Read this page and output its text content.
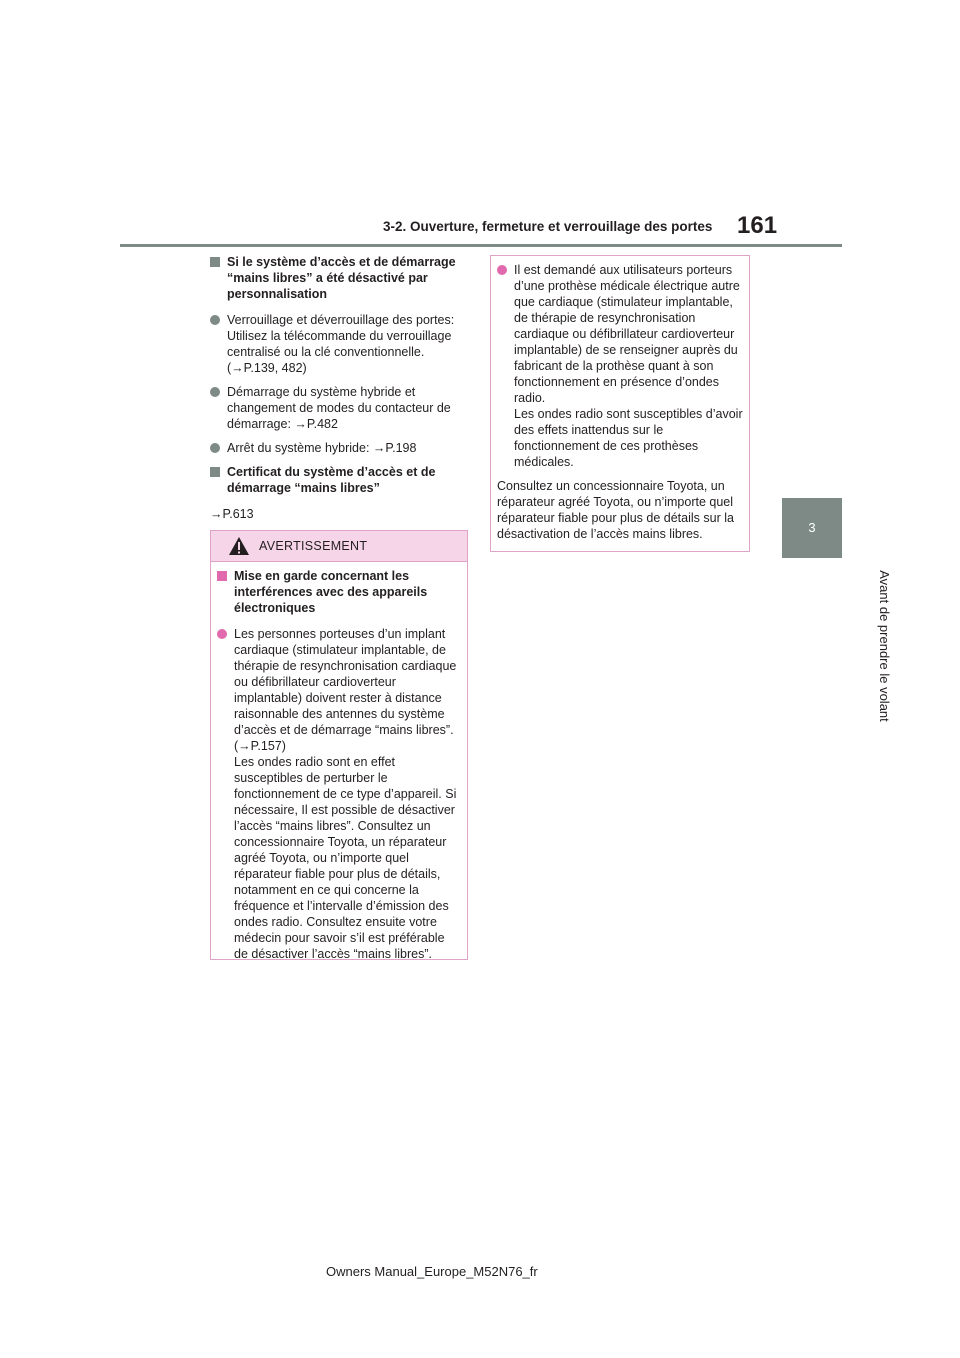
3-2. Ouverture, fermeture et verrouillage des portes 161
3
Avant de prendre le volant
Si le système d’accès et de démarrage “mains libres” a été désactivé par personnalisation
Verrouillage et déverrouillage des portes:
Utilisez la télécommande du verrouillage centralisé ou la clé conventionnelle.
(→P.139, 482)
Démarrage du système hybride et changement de modes du contacteur de démarrage: →P.482
Arrêt du système hybride: →P.198
Certificat du système d’accès et de démarrage “mains libres”
→P.613
AVERTISSEMENT
Mise en garde concernant les interférences avec des appareils électroniques
Les personnes porteuses d’un implant cardiaque (stimulateur implantable, de thérapie de resynchronisation cardiaque ou défibrillateur cardioverteur implantable) doivent rester à distance raisonnable des antennes du système d’accès et de démarrage “mains libres”.
(→P.157)
Les ondes radio sont en effet susceptibles de perturber le fonctionnement de ce type d’appareil. Si nécessaire, Il est possible de désactiver l’accès “mains libres”. Consultez un concessionnaire Toyota, un réparateur agréé Toyota, ou n’importe quel réparateur fiable pour plus de détails, notamment en ce qui concerne la fréquence et l’intervalle d’émission des ondes radio. Consultez ensuite votre médecin pour savoir s’il est préférable de désactiver l’accès “mains libres”.
Il est demandé aux utilisateurs porteurs d’une prothèse médicale électrique autre que cardiaque (stimulateur implantable, de thérapie de resynchronisation cardiaque ou défibrillateur cardioverteur implantable) de se renseigner auprès du fabricant de la prothèse quant à son fonctionnement en présence d’ondes radio.
Les ondes radio sont susceptibles d’avoir des effets inattendus sur le fonctionnement de ces prothèses médicales.
Consultez un concessionnaire Toyota, un réparateur agréé Toyota, ou n’importe quel réparateur fiable pour plus de détails sur la désactivation de l’accès mains libres.
Owners Manual_Europe_M52N76_fr
